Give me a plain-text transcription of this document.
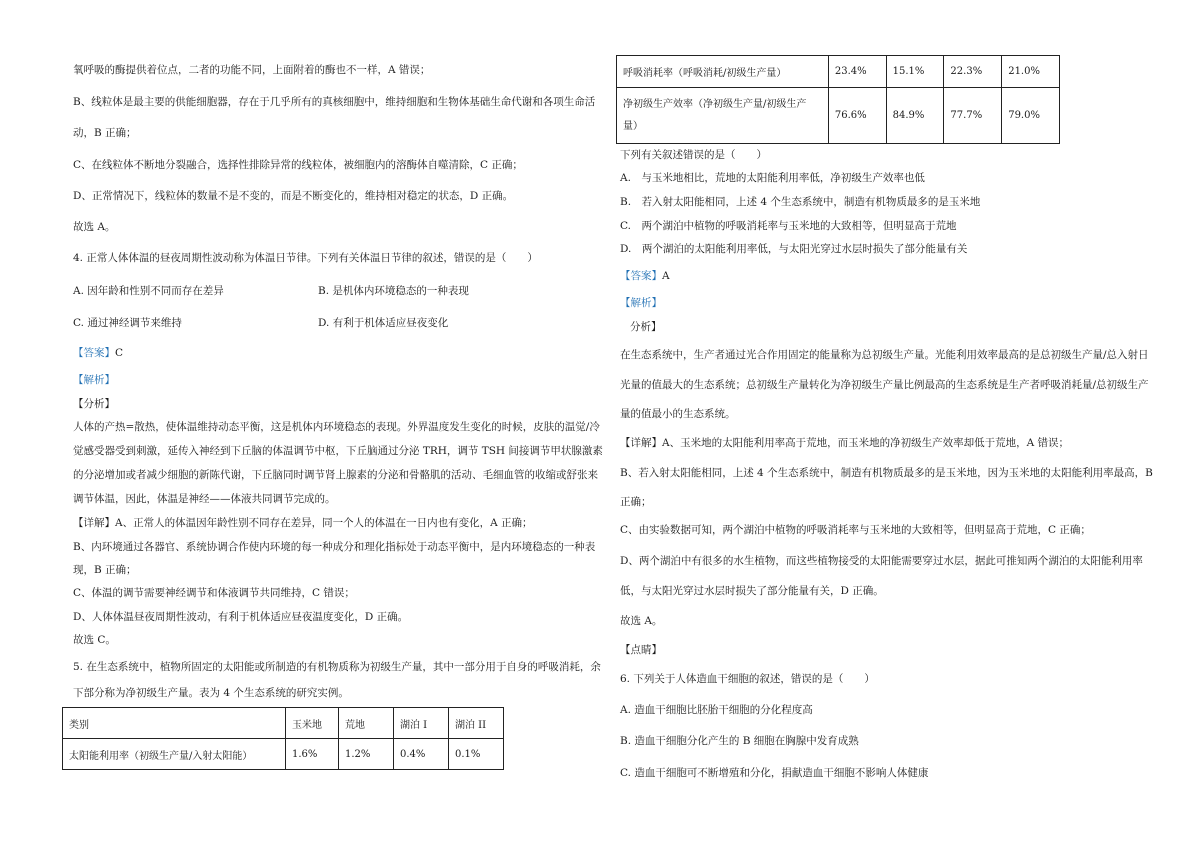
氧呼吸的酶提供着位点，二者的功能不同，上面附着的酶也不一样，A 错误；
B、线粒体是最主要的供能细胞器，存在于几乎所有的真核细胞中，维持细胞和生物体基础生命代谢和各项生命活
动，B 正确；
C、在线粒体不断地分裂融合，选择性排除异常的线粒体，被细胞内的溶酶体自噬清除，C 正确；
D、正常情况下，线粒体的数量不是不变的，而是不断变化的，维持相对稳定的状态，D 正确。
故选 A。
4. 正常人体体温的昼夜周期性波动称为体温日节律。下列有关体温日节律的叙述，错误的是（　　）
A. 因年龄和性别不同而存在差异	B. 是机体内环境稳态的一种表现
C. 通过神经调节来维持	D. 有利于机体适应昼夜变化
【答案】C
【解析】
【分析】
人体的产热=散热，使体温维持动态平衡，这是机体内环境稳态的表现。外界温度发生变化的时候，皮肤的温觉/冷
觉感受器受到刺激，延传入神经到下丘脑的体温调节中枢，下丘脑通过分泌 TRH，调节 TSH 间接调节甲状腺激素
的分泌增加或者减少细胞的新陈代谢，下丘脑同时调节肾上腺素的分泌和骨骼肌的活动、毛细血管的收缩或舒张来
调节体温，因此，体温是神经——体液共同调节完成的。
【详解】A、正常人的体温因年龄性别不同存在差异，同一个人的体温在一日内也有变化，A 正确；
B、内环境通过各器官、系统协调合作使内环境的每一种成分和理化指标处于动态平衡中，是内环境稳态的一种表
现，B 正确；
C、体温的调节需要神经调节和体液调节共同维持，C 错误；
D、人体体温昼夜周期性波动，有利于机体适应昼夜温度变化，D 正确。
故选 C。
5. 在生态系统中，植物所固定的太阳能或所制造的有机物质称为初级生产量，其中一部分用于自身的呼吸消耗，余
下部分称为净初级生产量。表为 4 个生态系统的研究实例。
类别	玉米地	荒地	湖泊 I	湖泊 II
太阳能利用率（初级生产量/入射太阳能）	1.6%	1.2%	0.4%	0.1%
呼吸消耗率（呼吸消耗/初级生产量）	23.4%	15.1%	22.3%	21.0%
净初级生产效率（净初级生产量/初级生产
量）	76.6%	84.9%	77.7%	79.0%
下列有关叙述错误的是（　　）
A.　与玉米地相比，荒地的太阳能利用率低，净初级生产效率也低
B.　若入射太阳能相同，上述 4 个生态系统中，制造有机物质最多的是玉米地
C.　两个湖泊中植物的呼吸消耗率与玉米地的大致相等，但明显高于荒地
D.　两个湖泊的太阳能利用率低，与太阳光穿过水层时损失了部分能量有关
【答案】A
【解析】
分析】
在生态系统中，生产者通过光合作用固定的能量称为总初级生产量。光能利用效率最高的是总初级生产量/总入射日
光量的值最大的生态系统；总初级生产量转化为净初级生产量比例最高的生态系统是生产者呼吸消耗量/总初级生产
量的值最小的生态系统。
【详解】A、玉米地的太阳能利用率高于荒地，而玉米地的净初级生产效率却低于荒地，A 错误；
B、若入射太阳能相同，上述 4 个生态系统中，制造有机物质最多的是玉米地，因为玉米地的太阳能利用率最高，B
正确；
C、由实验数据可知，两个湖泊中植物的呼吸消耗率与玉米地的大致相等，但明显高于荒地，C 正确；
D、两个湖泊中有很多的水生植物，而这些植物接受的太阳能需要穿过水层，据此可推知两个湖泊的太阳能利用率
低，与太阳光穿过水层时损失了部分能量有关，D 正确。
故选 A。
【点睛】
6. 下列关于人体造血干细胞的叙述，错误的是（　　）
A. 造血干细胞比胚胎干细胞的分化程度高
B. 造血干细胞分化产生的 B 细胞在胸腺中发育成熟
C. 造血干细胞可不断增殖和分化，捐献造血干细胞不影响人体健康
